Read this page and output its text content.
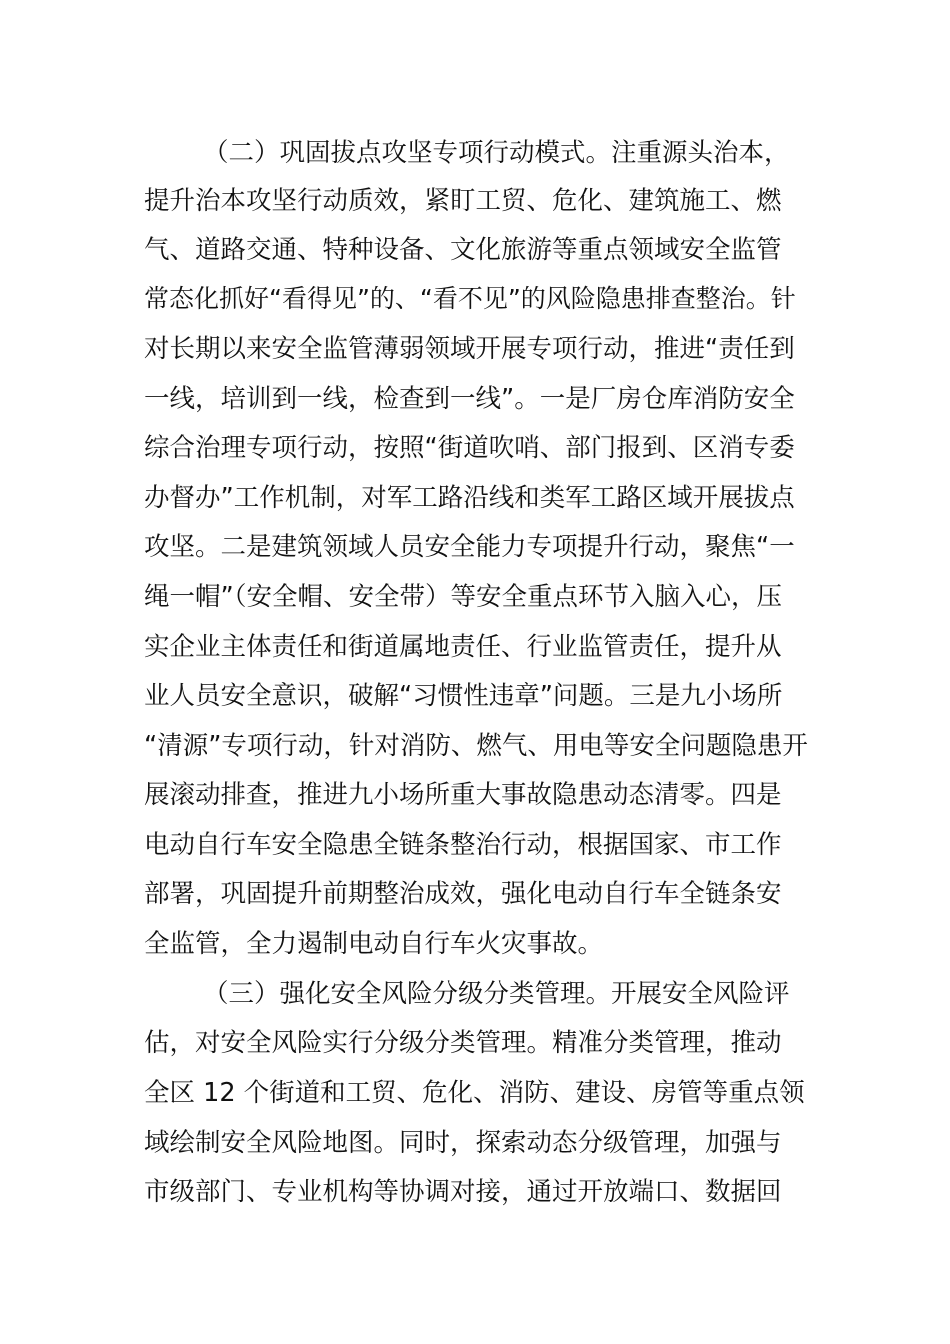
（二）巩固拔点攻坚专项行动模式。注重源头治本，
提升治本攻坚行动质效，紧盯工贸、危化、建筑施工、燃
气、道路交通、特种设备、文化旅游等重点领域安全监管
常态化抓好“看得见”的、“看不见”的风险隐患排查整治。针
对长期以来安全监管薄弱领域开展专项行动，推进“责任到
一线，培训到一线，检查到一线”。一是厂房仓库消防安全
综合治理专项行动，按照“街道吹哨、部门报到、区消专委
办督办”工作机制，对军工路沿线和类军工路区域开展拔点
攻坚。二是建筑领域人员安全能力专项提升行动，聚焦“一
绳一帽”（安全帽、安全带）等安全重点环节入脑入心，压
实企业主体责任和街道属地责任、行业监管责任，提升从
业人员安全意识，破解“习惯性违章”问题。三是九小场所
“清源”专项行动，针对消防、燃气、用电等安全问题隐患开
展滚动排查，推进九小场所重大事故隐患动态清零。四是
电动自行车安全隐患全链条整治行动，根据国家、市工作
部署，巩固提升前期整治成效，强化电动自行车全链条安
全监管，全力遏制电动自行车火灾事故。
（三）强化安全风险分级分类管理。开展安全风险评
估，对安全风险实行分级分类管理。精准分类管理，推动
全区 12 个街道和工贸、危化、消防、建设、房管等重点领
域绘制安全风险地图。同时，探索动态分级管理，加强与
市级部门、专业机构等协调对接，通过开放端口、数据回
